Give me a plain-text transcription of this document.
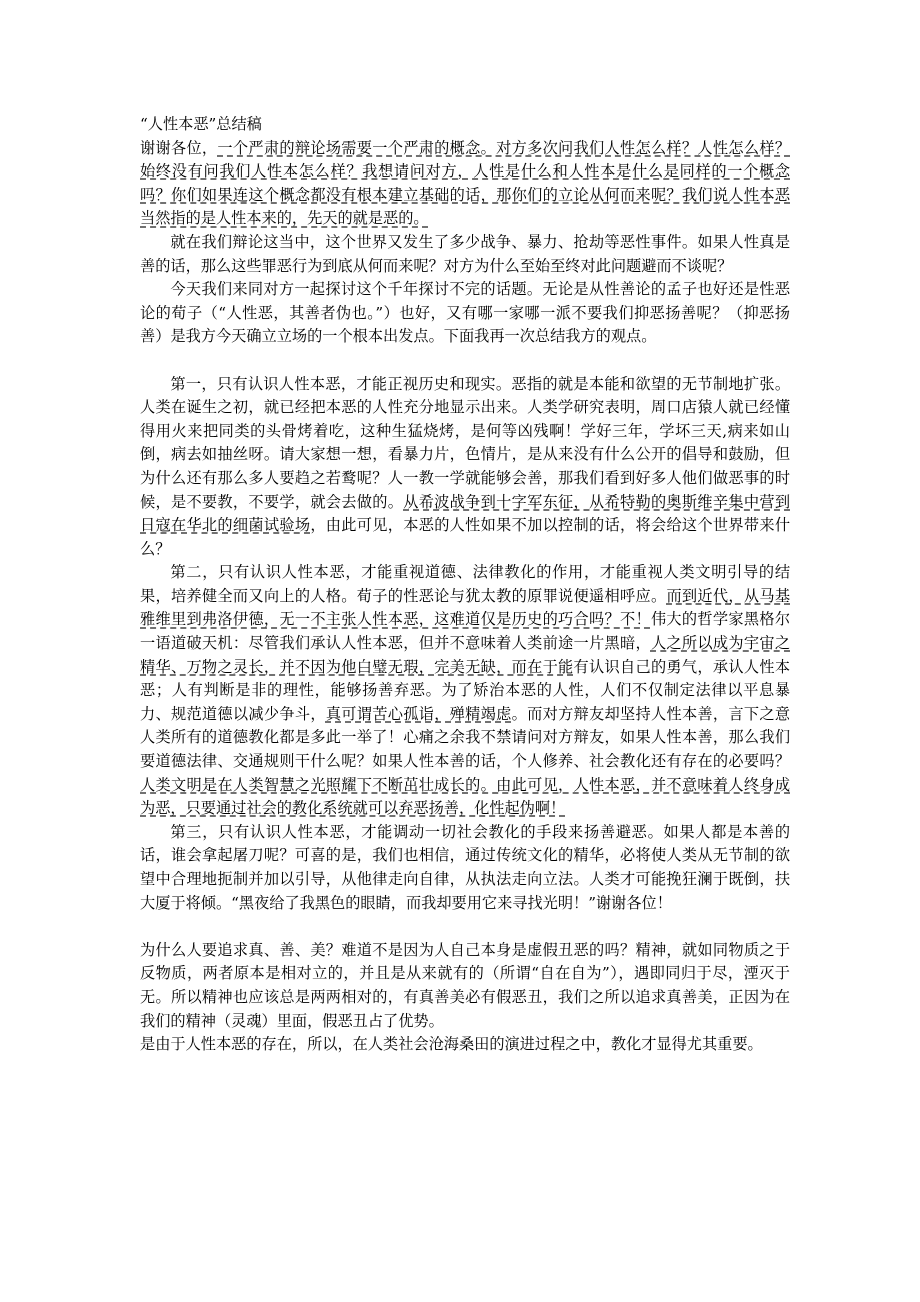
“人性本恶”总结稿

谢谢各位，一个严肃的辩论场需要一个严肃的概念。对方多次问我们人性怎么样？人性怎么样？始终没有问我们人性本怎么样？我想请问对方，人性是什么和人性本是什么是同样的一个概念吗？你们如果连这个概念都没有根本建立基础的话，那你们的立论从何而来呢？我们说人性本恶当然指的是人性本来的，先天的就是恶的。

就在我们辩论这当中，这个世界又发生了多少战争、暴力、抢劫等恶性事件。如果人性真是善的话，那么这些罪恶行为到底从何而来呢？对方为什么至始至终对此问题避而不谈呢？

今天我们来同对方一起探讨这个千年探讨不完的话题。无论是从性善论的孟子也好还是性恶论的荀子（“人性恶，其善者伪也。”）也好，又有哪一家哪一派不要我们抑恶扬善呢？（抑恶扬善）是我方今天确立立场的一个根本出发点。下面我再一次总结我方的观点。

第一，只有认识人性本恶，才能正视历史和现实。恶指的就是本能和欲望的无节制地扩张。人类在诞生之初，就已经把本恶的人性充分地显示出来。人类学研究表明，周口店猿人就已经懂得用火来把同类的头骨烤着吃，这种生猛烧烤，是何等凶残啊！学好三年，学坏三天,病来如山倒，病去如抽丝呀。请大家想一想，看暴力片，色情片，是从来没有什么公开的倡导和鼓励，但为什么还有那么多人要趋之若鹜呢？人一教一学就能够会善，那我们看到好多人他们做恶事的时候，是不要教，不要学，就会去做的。从希波战争到十字军东征，从希特勒的奥斯维辛集中营到日寇在华北的细菌试验场，由此可见，本恶的人性如果不加以控制的话，将会给这个世界带来什么？

第二，只有认识人性本恶，才能重视道德、法律教化的作用，才能重视人类文明引导的结果，培养健全而又向上的人格。荀子的性恶论与犹太教的原罪说便遥相呼应。而到近代，从马基雅维里到弗洛伊德，无一不主张人性本恶，这难道仅是历史的巧合吗？不！伟大的哲学家黑格尔一语道破天机：尽管我们承认人性本恶，但并不意味着人类前途一片黑暗，人之所以成为宇宙之精华、万物之灵长，并不因为他白璧无瑕，完美无缺，而在于能有认识自己的勇气，承认人性本恶；人有判断是非的理性，能够扬善弃恶。为了矫治本恶的人性，人们不仅制定法律以平息暴力、规范道德以减少争斗，真可谓苦心孤诣，殚精竭虑。而对方辩友却坚持人性本善，言下之意人类所有的道德教化都是多此一举了！心痛之余我不禁请问对方辩友，如果人性本善，那么我们要道德法律、交通规则干什么呢？如果人性本善的话，个人修养、社会教化还有存在的必要吗？人类文明是在人类智慧之光照耀下不断茁壮成长的。由此可见，人性本恶，并不意味着人终身成为恶，只要通过社会的教化系统就可以弃恶扬善，化性起伪啊！

第三，只有认识人性本恶，才能调动一切社会教化的手段来扬善避恶。如果人都是本善的话，谁会拿起屠刀呢？可喜的是，我们也相信，通过传统文化的精华，必将使人类从无节制的欲望中合理地扼制并加以引导，从他律走向自律，从执法走向立法。人类才可能挽狂澜于既倒，扶大厦于将倾。“黑夜给了我黑色的眼睛，而我却要用它来寻找光明！”谢谢各位！

为什么人要追求真、善、美？难道不是因为人自己本身是虚假丑恶的吗？精神，就如同物质之于反物质，两者原本是相对立的，并且是从来就有的（所谓“自在自为”），遇即同归于尽，湮灭于无。所以精神也应该总是两两相对的，有真善美必有假恶丑，我们之所以追求真善美，正因为在我们的精神（灵魂）里面，假恶丑占了优势。

是由于人性本恶的存在，所以，在人类社会沧海桑田的演进过程之中，教化才显得尤其重要。
